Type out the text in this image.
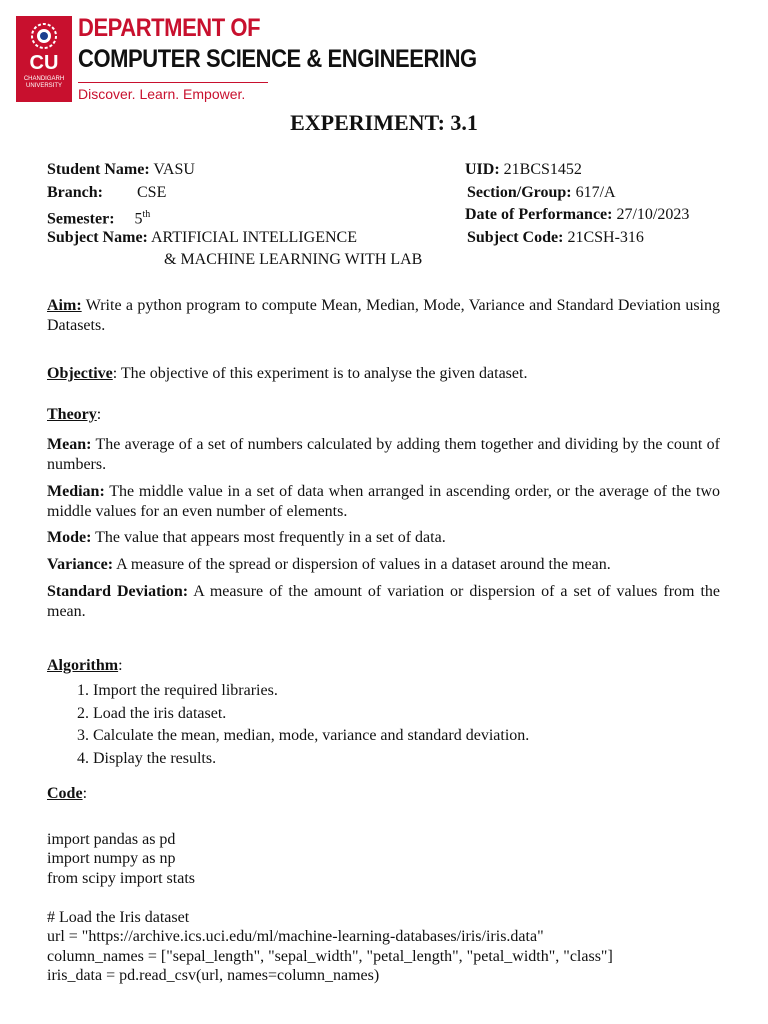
CU
CHANDIGARH UNIVERSITY
DEPARTMENT OF
COMPUTER SCIENCE & ENGINEERING
Discover. Learn. Empower.
EXPERIMENT: 3.1
Student Name: VASU	UID: 21BCS1452
Branch: CSE	Section/Group: 617/A
Semester: 5th	Date of Performance: 27/10/2023
Subject Name: ARTIFICIAL INTELLIGENCE	Subject Code: 21CSH-316
& MACHINE LEARNING WITH LAB
Aim: Write a python program to compute Mean, Median, Mode, Variance and Standard Deviation using Datasets.
Objective: The objective of this experiment is to analyse the given dataset.
Theory:
Mean: The average of a set of numbers calculated by adding them together and dividing by the count of numbers.
Median: The middle value in a set of data when arranged in ascending order, or the average of the two middle values for an even number of elements.
Mode: The value that appears most frequently in a set of data.
Variance: A measure of the spread or dispersion of values in a dataset around the mean.
Standard Deviation: A measure of the amount of variation or dispersion of a set of values from the mean.
Algorithm:
1. Import the required libraries.
2. Load the iris dataset.
3. Calculate the mean, median, mode, variance and standard deviation.
4. Display the results.
Code:

import pandas as pd
import numpy as np
from scipy import stats
# Load the Iris dataset
url = "https://archive.ics.uci.edu/ml/machine-learning-databases/iris/iris.data"
column_names = ["sepal_length", "sepal_width", "petal_length", "petal_width", "class"]
iris_data = pd.read_csv(url, names=column_names)
